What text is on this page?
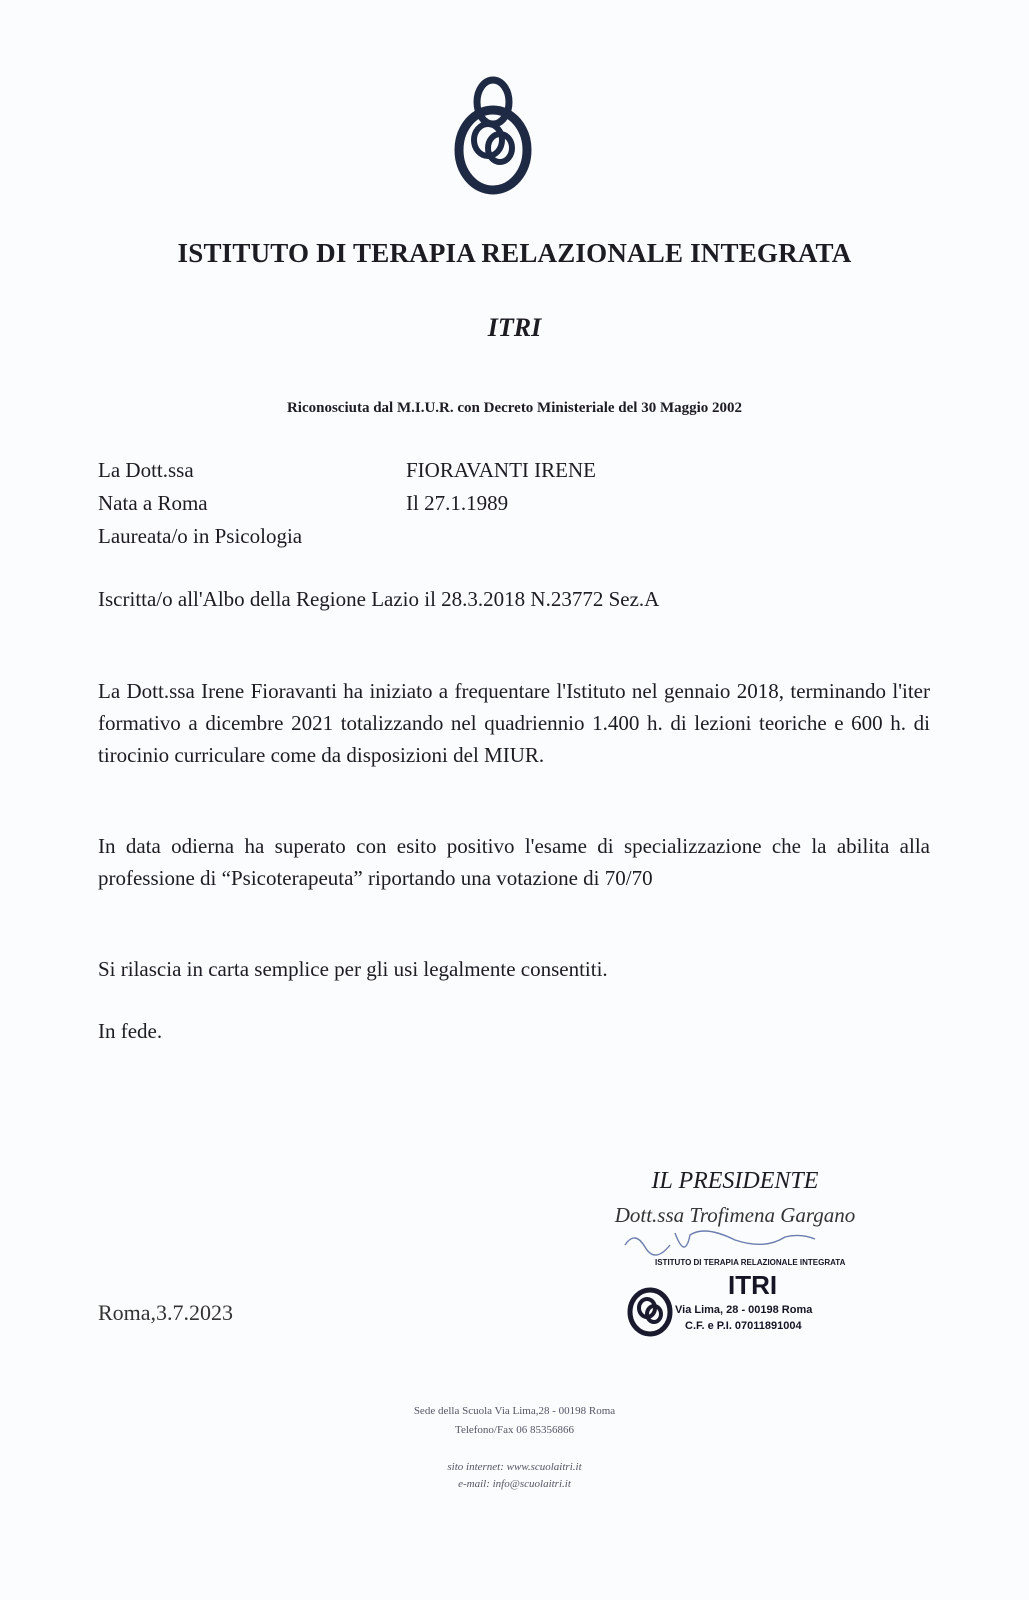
ISTITUTO DI TERAPIA RELAZIONALE INTEGRATA
ITRI
Riconosciuta dal M.I.U.R. con Decreto Ministeriale del 30 Maggio 2002
La Dott.ssa	FIORAVANTI IRENE
Nata a Roma	Il 27.1.1989
Laureata/o in Psicologia
Iscritta/o all'Albo della Regione Lazio il 28.3.2018 N.23772 Sez.A
La Dott.ssa Irene Fioravanti ha iniziato a frequentare l'Istituto nel gennaio 2018, terminando l'iter formativo a dicembre 2021 totalizzando nel quadriennio 1.400 h. di lezioni teoriche e 600 h. di tirocinio curriculare come da disposizioni del MIUR.
In data odierna ha superato con esito positivo l'esame di specializzazione che la abilita alla professione di “Psicoterapeuta” riportando una votazione di 70/70
Si rilascia in carta semplice per gli usi legalmente consentiti.
In fede.
IL PRESIDENTE
Dott.ssa Trofimena Gargano
ISTITUTO DI TERAPIA RELAZIONALE INTEGRATA
ITRI
Via Lima, 28 - 00198 Roma
C.F. e P.I. 07011891004
Roma,3.7.2023
Sede della Scuola Via Lima,28 - 00198 Roma
Telefono/Fax 06 85356866
sito internet: www.scuolaitri.it
e-mail: info@scuolaitri.it
